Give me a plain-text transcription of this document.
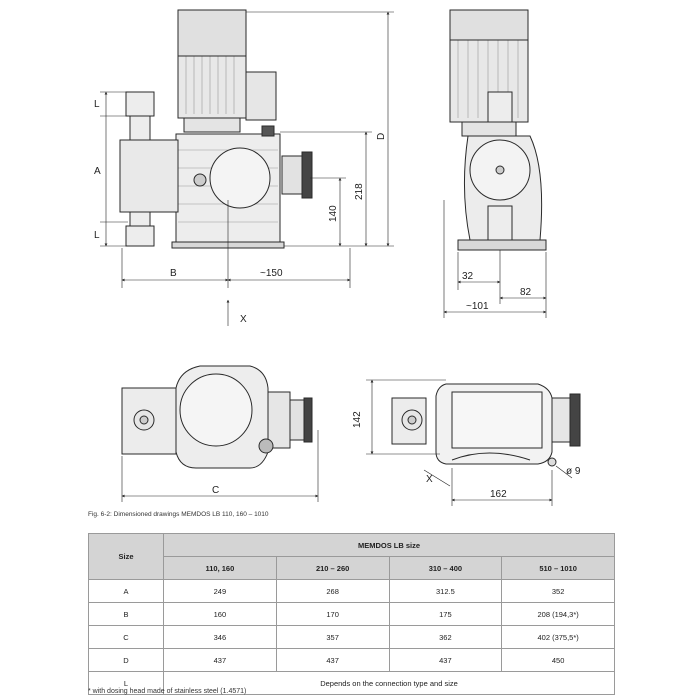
L
A
L
B	~150
140
218
D
X
32
82
~101
C
142
162
ø 9
X
Fig. 6-2: Dimensioned drawings MEMDOS LB 110, 160 – 1010
Size	MEMDOS LB size			
	110, 160	210 – 260	310 – 400	510 – 1010
A	249	268	312.5	352
B	160	170	175	208 (194,3*)
C	346	357	362	402 (375,5*)
D	437	437	437	450
L	Depends on the connection type and size			
* with dosing head made of stainless steel (1.4571)
